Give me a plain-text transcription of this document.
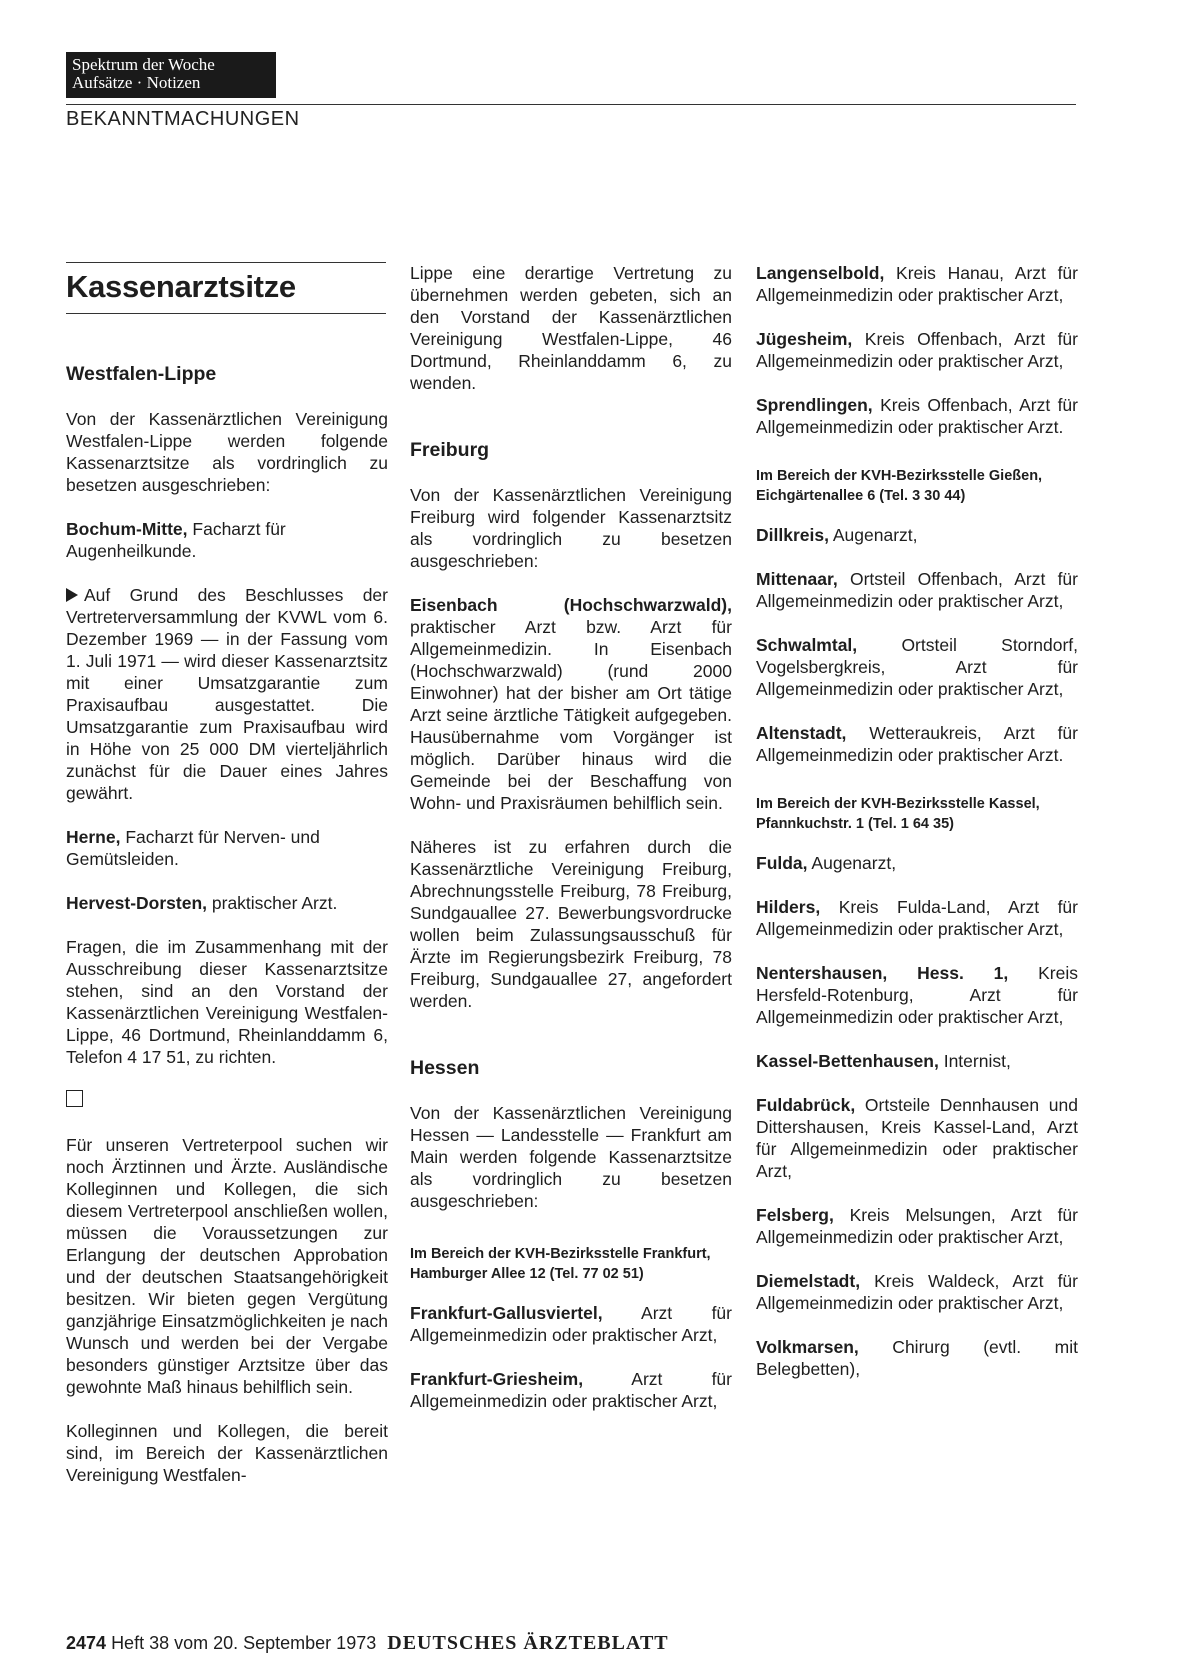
Spektrum der Woche
Aufsätze · Notizen
BEKANNTMACHUNGEN
Kassenarztsitze
Westfalen-Lippe

Von der Kassenärztlichen Vereinigung Westfalen-Lippe werden folgende Kassenarztsitze als vordringlich zu besetzen ausgeschrieben:

Bochum-Mitte, Facharzt für Augenheilkunde.

Auf Grund des Beschlusses der Vertreterversammlung der KVWL vom 6. Dezember 1969 — in der Fassung vom 1. Juli 1971 — wird dieser Kassenarztsitz mit einer Umsatzgarantie zum Praxisaufbau ausgestattet. Die Umsatzgarantie zum Praxisaufbau wird in Höhe von 25 000 DM vierteljährlich zunächst für die Dauer eines Jahres gewährt.

Herne, Facharzt für Nerven- und Gemütsleiden.

Hervest-Dorsten, praktischer Arzt.

Fragen, die im Zusammenhang mit der Ausschreibung dieser Kassenarztsitze stehen, sind an den Vorstand der Kassenärztlichen Vereinigung Westfalen-Lippe, 46 Dortmund, Rheinlanddamm 6, Telefon 4 17 51, zu richten.

Für unseren Vertreterpool suchen wir noch Ärztinnen und Ärzte. Ausländische Kolleginnen und Kollegen, die sich diesem Vertreterpool anschließen wollen, müssen die Voraussetzungen zur Erlangung der deutschen Approbation und der deutschen Staatsangehörigkeit besitzen. Wir bieten gegen Vergütung ganzjährige Einsatzmöglichkeiten je nach Wunsch und werden bei der Vergabe besonders günstiger Arztsitze über das gewohnte Maß hinaus behilflich sein.

Kolleginnen und Kollegen, die bereit sind, im Bereich der Kassenärztlichen Vereinigung Westfalen-

Lippe eine derartige Vertretung zu übernehmen werden gebeten, sich an den Vorstand der Kassenärztlichen Vereinigung Westfalen-Lippe, 46 Dortmund, Rheinlanddamm 6, zu wenden.

Freiburg

Von der Kassenärztlichen Vereinigung Freiburg wird folgender Kassenarztsitz als vordringlich zu besetzen ausgeschrieben:

Eisenbach (Hochschwarzwald), praktischer Arzt bzw. Arzt für Allgemeinmedizin. In Eisenbach (Hochschwarzwald) (rund 2000 Einwohner) hat der bisher am Ort tätige Arzt seine ärztliche Tätigkeit aufgegeben. Hausübernahme vom Vorgänger ist möglich. Darüber hinaus wird die Gemeinde bei der Beschaffung von Wohn- und Praxisräumen behilflich sein.

Näheres ist zu erfahren durch die Kassenärztliche Vereinigung Freiburg, Abrechnungsstelle Freiburg, 78 Freiburg, Sundgauallee 27. Bewerbungsvordrucke wollen beim Zulassungsausschuß für Ärzte im Regierungsbezirk Freiburg, 78 Freiburg, Sundgauallee 27, angefordert werden.

Hessen

Von der Kassenärztlichen Vereinigung Hessen — Landesstelle — Frankfurt am Main werden folgende Kassenarztsitze als vordringlich zu besetzen ausgeschrieben:

Im Bereich der KVH-Bezirksstelle Frankfurt, Hamburger Allee 12 (Tel. 77 02 51)

Frankfurt-Gallusviertel, Arzt für Allgemeinmedizin oder praktischer Arzt,

Frankfurt-Griesheim, Arzt für Allgemeinmedizin oder praktischer Arzt,

Langenselbold, Kreis Hanau, Arzt für Allgemeinmedizin oder praktischer Arzt,

Jügesheim, Kreis Offenbach, Arzt für Allgemeinmedizin oder praktischer Arzt,

Sprendlingen, Kreis Offenbach, Arzt für Allgemeinmedizin oder praktischer Arzt.

Im Bereich der KVH-Bezirksstelle Gießen, Eichgärtenallee 6 (Tel. 3 30 44)

Dillkreis, Augenarzt,

Mittenaar, Ortsteil Offenbach, Arzt für Allgemeinmedizin oder praktischer Arzt,

Schwalmtal, Ortsteil Storndorf, Vogelsbergkreis, Arzt für Allgemeinmedizin oder praktischer Arzt,

Altenstadt, Wetteraukreis, Arzt für Allgemeinmedizin oder praktischer Arzt.

Im Bereich der KVH-Bezirksstelle Kassel, Pfannkuchstr. 1 (Tel. 1 64 35)

Fulda, Augenarzt,

Hilders, Kreis Fulda-Land, Arzt für Allgemeinmedizin oder praktischer Arzt,

Nentershausen, Hess. 1, Kreis Hersfeld-Rotenburg, Arzt für Allgemeinmedizin oder praktischer Arzt,

Kassel-Bettenhausen, Internist,

Fuldabrück, Ortsteile Dennhausen und Dittershausen, Kreis Kassel-Land, Arzt für Allgemeinmedizin oder praktischer Arzt,

Felsberg, Kreis Melsungen, Arzt für Allgemeinmedizin oder praktischer Arzt,

Diemelstadt, Kreis Waldeck, Arzt für Allgemeinmedizin oder praktischer Arzt,

Volkmarsen, Chirurg (evtl. mit Belegbetten),

2474 Heft 38 vom 20. September 1973 DEUTSCHES ÄRZTEBLATT
